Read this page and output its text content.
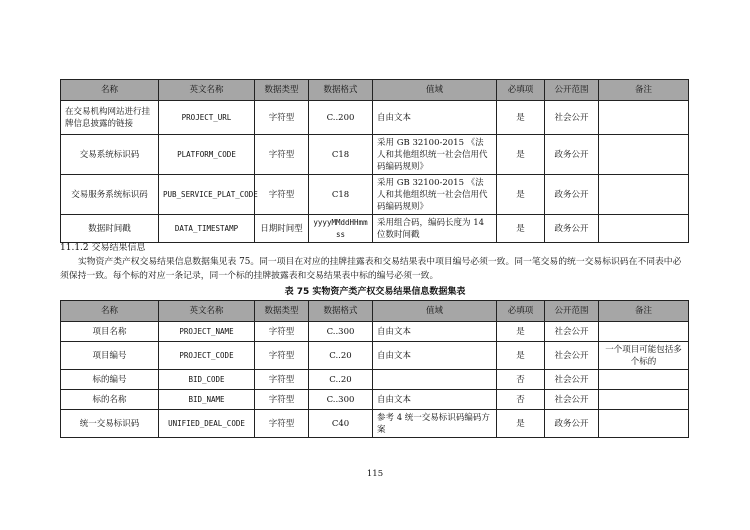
名称	英文名称	数据类型	数据格式	值域	必填项	公开范围	备注
在交易机构网站进行挂牌信息披露的链接	PROJECT_URL	字符型	C..200	自由文本	是	社会公开	
交易系统标识码	PLATFORM_CODE	字符型	C18	采用 GB 32100-2015 《法人和其他组织统一社会信用代码编码规则》	是	政务公开	
交易服务系统标识码	PUB_SERVICE_PLAT_CODE	字符型	C18	采用 GB 32100-2015 《法人和其他组织统一社会信用代码编码规则》	是	政务公开	
数据时间戳	DATA_TIMESTAMP	日期时间型	yyyyMMddHHmmss	采用组合码，编码长度为 14 位数时间戳	是	政务公开	
11.1.2 交易结果信息

实物资产类产权交易结果信息数据集见表 75。同一项目在对应的挂牌挂露表和交易结果表中项目编号必须一致。同一笔交易的统一交易标识码在不同表中必须保持一致。每个标的对应一条记录，同一个标的挂牌披露表和交易结果表中标的编号必须一致。

表 75 实物资产类产权交易结果信息数据集表
名称	英文名称	数据类型	数据格式	值域	必填项	公开范围	备注
项目名称	PROJECT_NAME	字符型	C..300	自由文本	是	社会公开	
项目编号	PROJECT_CODE	字符型	C..20	自由文本	是	社会公开	一个项目可能包括多个标的
标的编号	BID_CODE	字符型	C..20		否	社会公开	
标的名称	BID_NAME	字符型	C..300	自由文本	否	社会公开	
统一交易标识码	UNIFIED_DEAL_CODE	字符型	C40	参考 4 统一交易标识码编码方案	是	政务公开	
115
